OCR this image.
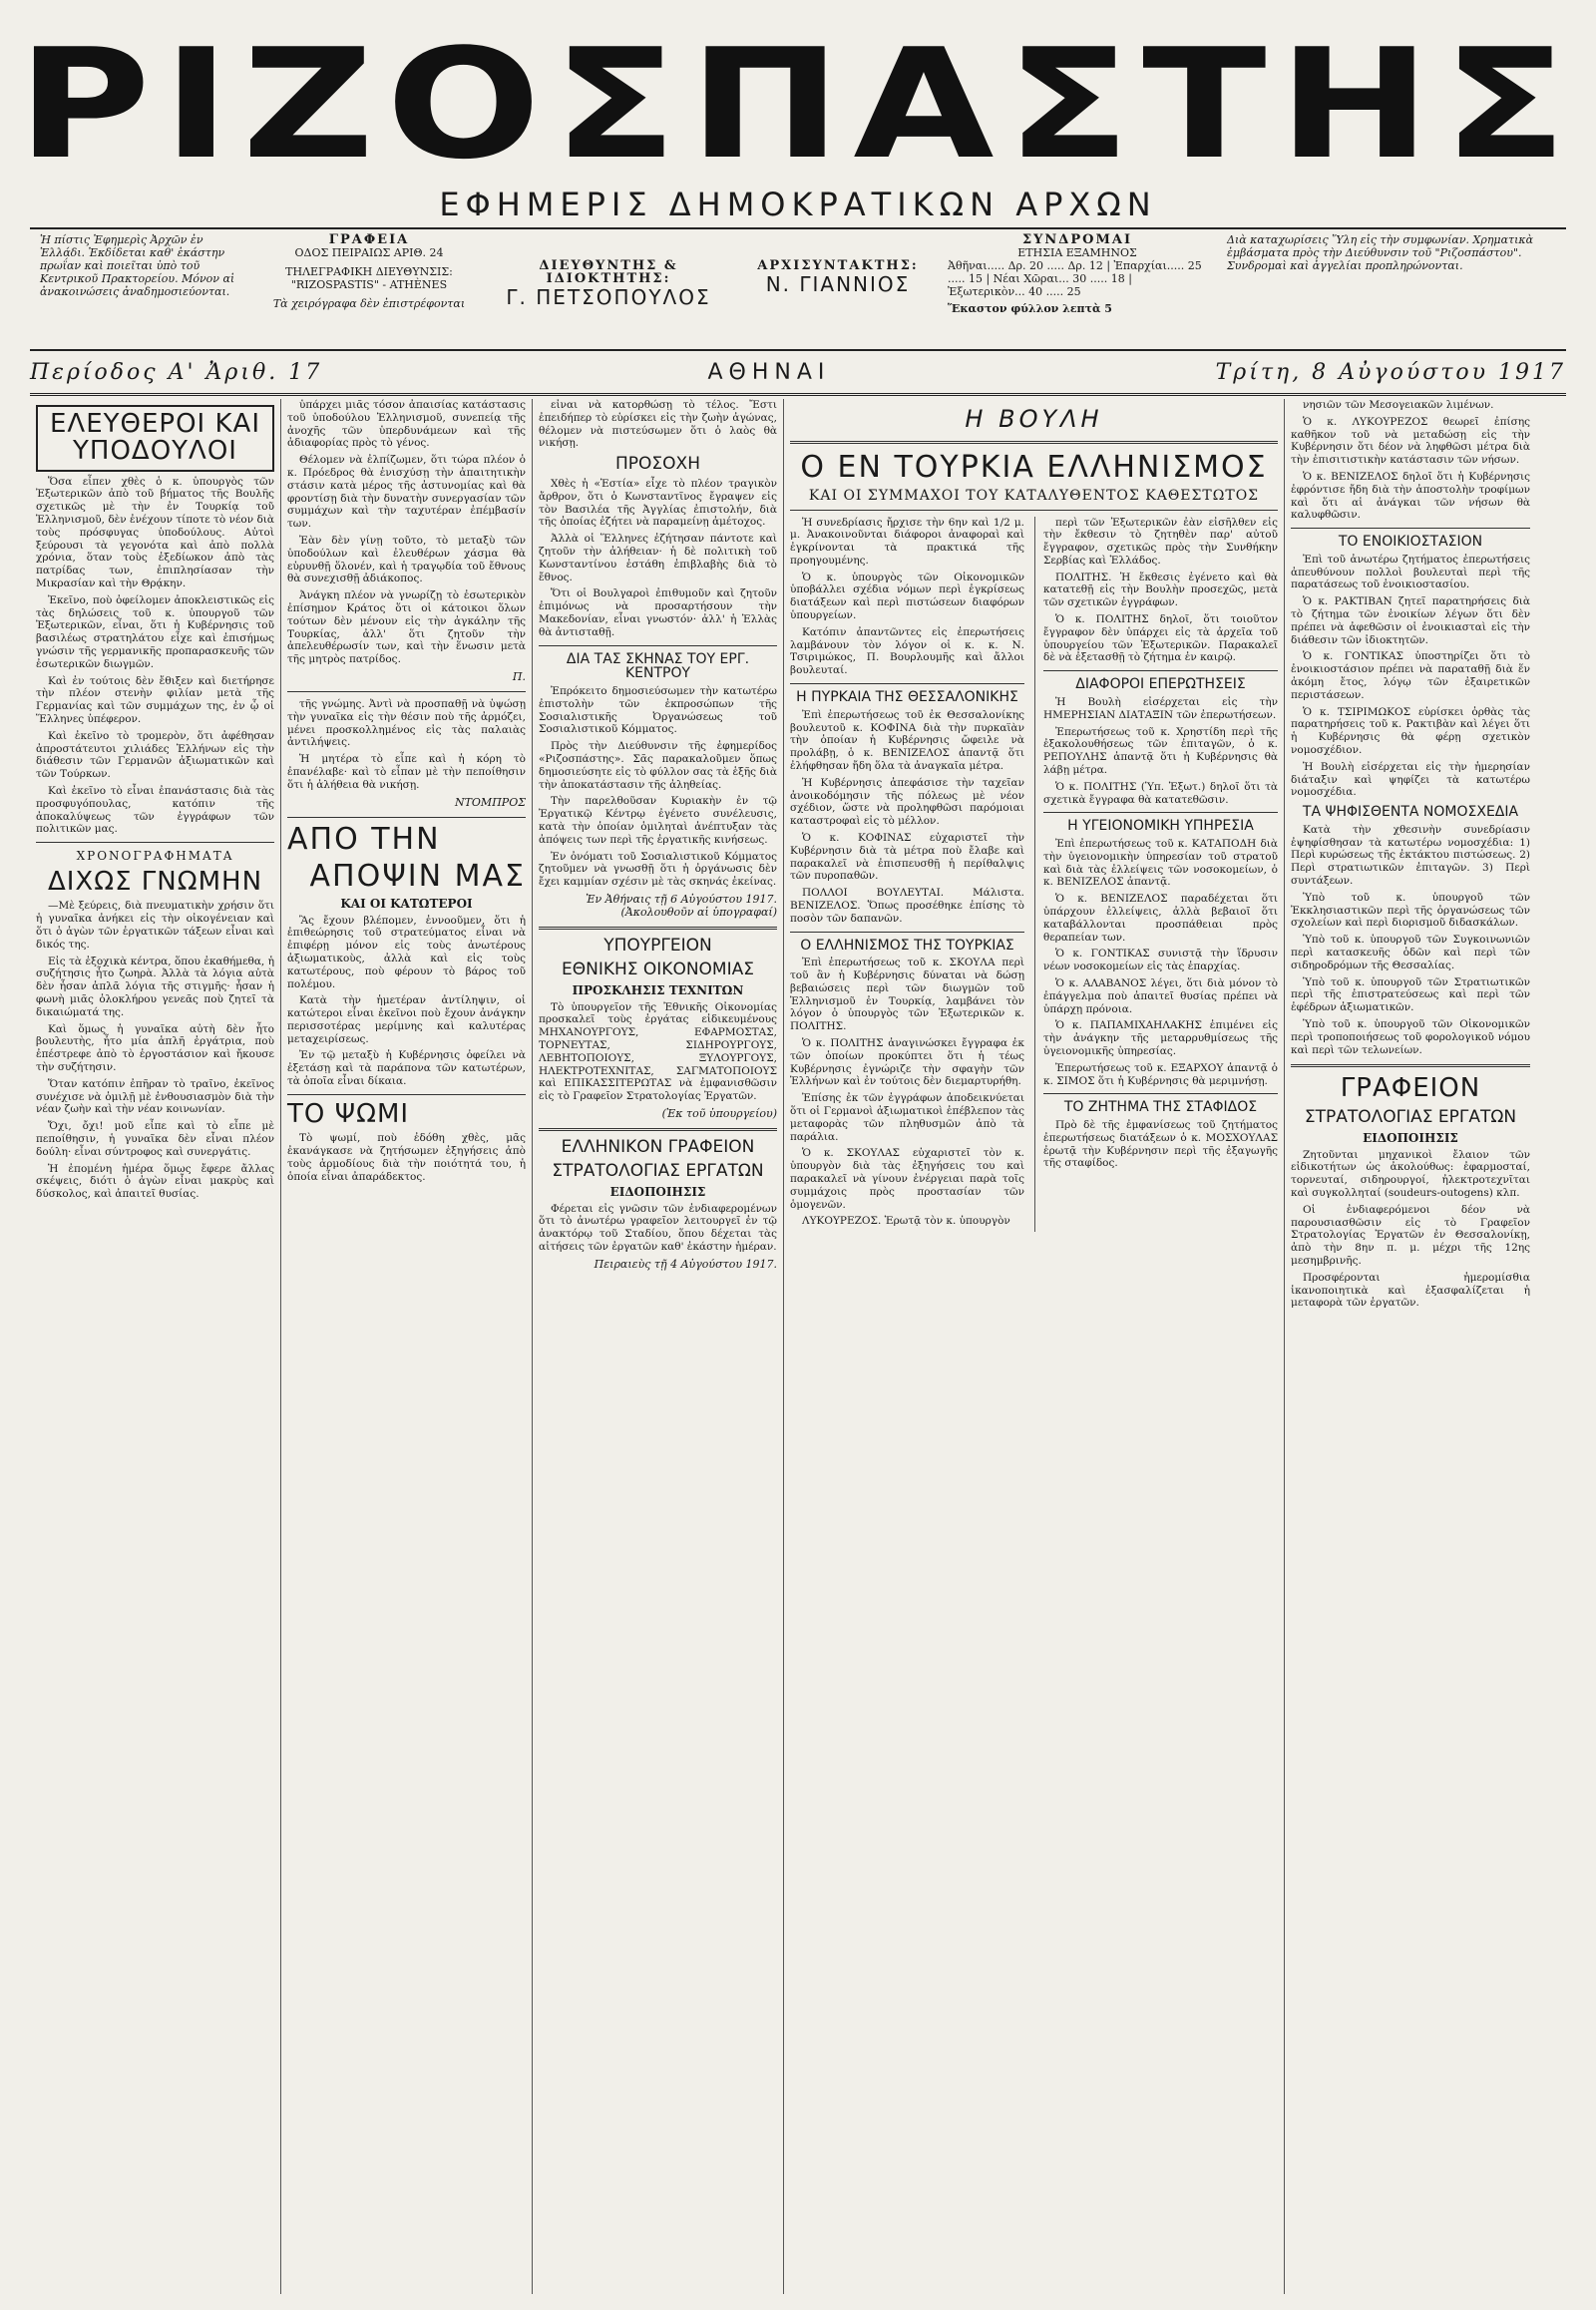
ΡΙΖΟΣΠΑΣΤΗΣ
ΕΦΗΜΕΡΙΣ ΔΗΜΟΚΡΑΤΙΚΩΝ ΑΡΧΩΝ
Ἡ πίστις Ἐφημερὶς Ἀρχῶν ἐν Ἑλλάδι. Ἐκδίδεται καθ' ἑκάστην πρωΐαν καὶ ποιεῖται ὑπὸ τοῦ Κεντρικοῦ Πρακτορείου. Μόνον αἱ ἀνακοινώσεις ἀναδημοσιεύονται.
ΓΡΑΦΕΙΑ
ΟΔΟΣ ΠΕΙΡΑΙΩΣ ΑΡΙΘ. 24
ΤΗΛΕΓΡΑΦΙΚΗ ΔΙΕΥΘΥΝΣΙΣ: "RIZOSPASTIS" - ATHÈNES
Τὰ χειρόγραφα δὲν ἐπιστρέφονται
ΔΙΕΥΘΥΝΤΗΣ & ΙΔΙΟΚΤΗΤΗΣ:
Γ. ΠΕΤΣΟΠΟΥΛΟΣ
ΑΡΧΙΣΥΝΤΑΚΤΗΣ:
Ν. ΓΙΑΝΝΙΟΣ
ΣΥΝΔΡΟΜΑΙ
ΕΤΗΣΙΑ ΕΞΑΜΗΝΟΣ
Ἀθῆναι..... Δρ. 20 ..... Δρ. 12 | Ἐπαρχίαι..... 25 ..... 15 | Νέαι Χῶραι... 30 ..... 18 | Ἐξωτερικὸν... 40 ..... 25
Ἕκαστον φύλλον λεπτὰ 5
Διὰ καταχωρίσεις Ὕλη εἰς τὴν συμφωνίαν. Χρηματικὰ ἐμβάσματα πρὸς τὴν Διεύθυνσιν τοῦ "Ριζοσπάστου". Συνδρομαὶ καὶ ἀγγελίαι προπληρώνονται.
Περίοδος Α' Ἀριθ. 17	ΑΘΗΝΑΙ	Τρίτη, 8 Αὐγούστου 1917
ΕΛΕΥΘΕΡΟΙ ΚΑΙ ΥΠΟΔΟΥΛΟΙ

Ὅσα εἶπεν χθὲς ὁ κ. ὑπουργὸς τῶν Ἐξωτερικῶν ἀπὸ τοῦ βήματος τῆς Βουλῆς σχετικῶς μὲ τὴν ἐν Τουρκίᾳ τοῦ Ἑλληνισμοῦ, δὲν ἐνέχουν τίποτε τὸ νέον διὰ τοὺς πρόσφυγας ὑποδούλους. Αὐτοὶ ξεύρουσι τὰ γεγονότα καὶ ἀπὸ πολλὰ χρόνια, ὅταν τοὺς ἐξεδίωκον ἀπὸ τὰς πατρίδας των, ἐπιπλησίασαν τὴν Μικρασίαν καὶ τὴν Θρᾴκην.

Ἐκεῖνο, ποὺ ὀφείλομεν ἀποκλειστικῶς εἰς τὰς δηλώσεις τοῦ κ. ὑπουργοῦ τῶν Ἐξωτερικῶν, εἶναι, ὅτι ἡ Κυβέρνησις τοῦ βασιλέως στρατηλάτου εἶχε καὶ ἐπισήμως γνώσιν τῆς γερμανικῆς προπαρασκευῆς τῶν ἐσωτερικῶν διωγμῶν.

Καὶ ἐν τούτοις δὲν ἔθιξεν καὶ διετήρησε τὴν πλέον στενὴν φιλίαν μετὰ τῆς Γερμανίας καὶ τῶν συμμάχων της, ἐν ᾧ οἱ Ἕλληνες ὑπέφερον.

Καὶ ἐκεῖνο τὸ τρομερὸν, ὅτι ἀφέθησαν ἀπροστάτευτοι χιλιάδες Ἑλλήνων εἰς τὴν διάθεσιν τῶν Γερμανῶν ἀξιωματικῶν καὶ τῶν Τούρκων.

Καὶ ἐκεῖνο τὸ εἶναι ἐπανάστασις διὰ τὰς προσφυγόπουλας, κατόπιν τῆς ἀποκαλύψεως τῶν ἐγγράφων τῶν πολιτικῶν μας.

ΧΡΟΝΟΓΡΑΦΗΜΑΤΑ
ΔΙΧΩΣ ΓΝΩΜΗΝ

—Μὲ ξεύρεις, διὰ πνευματικὴν χρήσιν ὅτι ἡ γυναῖκα ἀνήκει εἰς τὴν οἰκογένειαν καὶ ὅτι ὁ ἀγὼν τῶν ἐργατικῶν τάξεων εἶναι καὶ δικός της.

Εἰς τὰ ἐξοχικὰ κέντρα, ὅπου ἐκαθήμεθα, ἡ συζήτησις ἦτο ζωηρὰ. Ἀλλὰ τὰ λόγια αὐτὰ δὲν ἦσαν ἁπλᾶ λόγια τῆς στιγμῆς· ἦσαν ἡ φωνὴ μιᾶς ὁλοκλήρου γενεᾶς ποὺ ζητεῖ τὰ δικαιώματά της.

Καὶ ὅμως ἡ γυναῖκα αὐτὴ δὲν ἦτο βουλευτὴς, ἦτο μία ἁπλῆ ἐργάτρια, ποὺ ἐπέστρεφε ἀπὸ τὸ ἐργοστάσιον καὶ ἤκουσε τὴν συζήτησιν.

Ὅταν κατόπιν ἐπῆραν τὸ τραῖνο, ἐκεῖνος συνέχισε νὰ ὁμιλῇ μὲ ἐνθουσιασμὸν διὰ τὴν νέαν ζωὴν καὶ τὴν νέαν κοινωνίαν.

Ὄχι, ὄχι! μοῦ εἶπε καὶ τὸ εἶπε μὲ πεποίθησιν, ἡ γυναῖκα δὲν εἶναι πλέον δούλη· εἶναι σύντροφος καὶ συνεργάτις.

Ἡ ἐπομένη ἡμέρα ὅμως ἔφερε ἄλλας σκέψεις, διότι ὁ ἀγὼν εἶναι μακρὺς καὶ δύσκολος, καὶ ἀπαιτεῖ θυσίας.

ὑπάρχει μιᾶς τόσον ἀπαισίας κατάστασις τοῦ ὑποδούλου Ἑλληνισμοῦ, συνεπείᾳ τῆς ἀνοχῆς τῶν ὑπερδυνάμεων καὶ τῆς ἀδιαφορίας πρὸς τὸ γένος.

Θέλομεν νὰ ἐλπίζωμεν, ὅτι τώρα πλέον ὁ κ. Πρόεδρος θὰ ἐνισχύσῃ τὴν ἀπαιτητικὴν στάσιν κατὰ μέρος τῆς ἀστυνομίας καὶ θὰ φροντίσῃ διὰ τὴν δυνατὴν συνεργασίαν τῶν συμμάχων καὶ τὴν ταχυτέραν ἐπέμβασίν των.

Ἐὰν δὲν γίνῃ τοῦτο, τὸ μεταξὺ τῶν ὑποδούλων καὶ ἐλευθέρων χάσμα θὰ εὑρυνθῇ ὅλονέν, καὶ ἡ τραγῳδία τοῦ ἔθνους θὰ συνεχισθῇ ἀδιάκοπος.

Ἀνάγκη πλέον νὰ γνωρίζῃ τὸ ἐσωτερικὸν ἐπίσημον Κράτος ὅτι οἱ κάτοικοι ὅλων τούτων δὲν μένουν εἰς τὴν ἀγκάλην τῆς Τουρκίας, ἀλλ' ὅτι ζητοῦν τὴν ἀπελευθέρωσίν των, καὶ τὴν ἕνωσιν μετὰ τῆς μητρὸς πατρίδος.

Π.

τῆς γνώμης. Ἀντὶ νὰ προσπαθῇ νὰ ὑψώσῃ τὴν γυναῖκα εἰς τὴν θέσιν ποὺ τῆς ἀρμόζει, μένει προσκολλημένος εἰς τὰς παλαιὰς ἀντιλήψεις.

Ἡ μητέρα τὸ εἶπε καὶ ἡ κόρη τὸ ἐπανέλαβε· καὶ τὸ εἶπαν μὲ τὴν πεποίθησιν ὅτι ἡ ἀλήθεια θὰ νικήσῃ.

ΝΤΟΜΠΡΟΣ
ΑΠΟ ΤΗΝ
ΑΠΟΨΙΝ ΜΑΣ
ΚΑΙ ΟΙ ΚΑΤΩΤΕΡΟΙ

Ἂς ἔχουν βλέπομεν, ἐννοοῦμεν, ὅτι ἡ ἐπιθεώρησις τοῦ στρατεύματος εἶναι νὰ ἐπιφέρῃ μόνον εἰς τοὺς ἀνωτέρους ἀξιωματικοὺς, ἀλλὰ καὶ εἰς τοὺς κατωτέρους, ποὺ φέρουν τὸ βάρος τοῦ πολέμου.

Κατὰ τὴν ἡμετέραν ἀντίληψιν, οἱ κατώτεροι εἶναι ἐκεῖνοι ποὺ ἔχουν ἀνάγκην περισσοτέρας μερίμνης καὶ καλυτέρας μεταχειρίσεως.

Ἐν τῷ μεταξὺ ἡ Κυβέρνησις ὀφείλει νὰ ἐξετάσῃ καὶ τὰ παράπονα τῶν κατωτέρων, τὰ ὁποῖα εἶναι δίκαια.

ΤΟ ΨΩΜΙ

Τὸ ψωμί, ποὺ ἐδόθη χθὲς, μᾶς ἐκανάγκασε νὰ ζητήσωμεν ἐξηγήσεις ἀπὸ τοὺς ἁρμοδίους διὰ τὴν ποιότητά του, ἡ ὁποία εἶναι ἀπαράδεκτος.

εἶναι νὰ κατορθώσῃ τὸ τέλος. Ἔστι ἐπειδήπερ τὸ εὑρίσκει εἰς τὴν ζωὴν ἀγώνας, θέλομεν νὰ πιστεύσωμεν ὅτι ὁ λαὸς θὰ νικήσῃ.

ΠΡΟΣΟΧΗ

Χθὲς ἡ «Ἑστία» εἶχε τὸ πλέον τραγικὸν ἄρθρον, ὅτι ὁ Κωνσταντῖνος ἔγραψεν εἰς τὸν Βασιλέα τῆς Ἀγγλίας ἐπιστολήν, διὰ τῆς ὁποίας ἐζήτει νὰ παραμείνῃ ἀμέτοχος.

Ἀλλὰ οἱ Ἕλληνες ἐζήτησαν πάντοτε καὶ ζητοῦν τὴν ἀλήθειαν· ἡ δὲ πολιτικὴ τοῦ Κωνσταντίνου ἐστάθη ἐπιβλαβὴς διὰ τὸ ἔθνος.

Ὅτι οἱ Βουλγαροὶ ἐπιθυμοῦν καὶ ζητοῦν ἐπιμόνως νὰ προσαρτήσουν τὴν Μακεδονίαν, εἶναι γνωστόν· ἀλλ' ἡ Ἑλλὰς θὰ ἀντισταθῇ.

ΔΙΑ ΤΑΣ ΣΚΗΝΑΣ ΤΟΥ ΕΡΓ. ΚΕΝΤΡΟΥ

Ἐπρόκειτο δημοσιεύσωμεν τὴν κατωτέρω ἐπιστολὴν τῶν ἐκπροσώπων τῆς Σοσιαλιστικῆς Ὀργανώσεως τοῦ Σοσιαλιστικοῦ Κόμματος.

Πρὸς τὴν Διεύθυνσιν τῆς ἐφημερίδος «Ριζοσπάστης». Σᾶς παρακαλοῦμεν ὅπως δημοσιεύσητε εἰς τὸ φύλλον σας τὰ ἑξῆς διὰ τὴν ἀποκατάστασιν τῆς ἀληθείας.

Τὴν παρελθοῦσαν Κυριακὴν ἐν τῷ Ἐργατικῷ Κέντρῳ ἐγένετο συνέλευσις, κατὰ τὴν ὁποίαν ὁμιληταὶ ἀνέπτυξαν τὰς ἀπόψεις των περὶ τῆς ἐργατικῆς κινήσεως.

Ἐν ὀνόματι τοῦ Σοσιαλιστικοῦ Κόμματος ζητοῦμεν νὰ γνωσθῇ ὅτι ἡ ὀργάνωσις δὲν ἔχει καμμίαν σχέσιν μὲ τὰς σκηνάς ἐκείνας.

Ἐν Ἀθήναις τῇ 6 Αὐγούστου 1917. (Ἀκολουθοῦν αἱ ὑπογραφαί)
ΥΠΟΥΡΓΕΙΟΝ
ΕΘΝΙΚΗΣ ΟΙΚΟΝΟΜΙΑΣ
ΠΡΟΣΚΛΗΣΙΣ ΤΕΧΝΙΤΩΝ

Τὸ ὑπουργεῖον τῆς Ἐθνικῆς Οἰκονομίας προσκαλεῖ τοὺς ἐργάτας εἰδικευμένους ΜΗΧΑΝΟΥΡΓΟΥΣ, ΕΦΑΡΜΟΣΤΑΣ, ΤΟΡΝΕΥΤΑΣ, ΣΙΔΗΡΟΥΡΓΟΥΣ, ΛΕΒΗΤΟΠΟΙΟΥΣ, ΞΥΛΟΥΡΓΟΥΣ, ΗΛΕΚΤΡΟΤΕΧΝΙΤΑΣ, ΣΑΓΜΑΤΟΠΟΙΟΥΣ καὶ ΕΠΙΚΑΣΣΙΤΕΡΩΤΑΣ νὰ ἐμφανισθῶσιν εἰς τὸ Γραφεῖον Στρατολογίας Ἐργατῶν.

(Ἐκ τοῦ ὑπουργείου)
ΕΛΛΗΝΙΚΟΝ ΓΡΑΦΕΙΟΝ
ΣΤΡΑΤΟΛΟΓΙΑΣ ΕΡΓΑΤΩΝ
ΕΙΔΟΠΟΙΗΣΙΣ

Φέρεται εἰς γνῶσιν τῶν ἐνδιαφερομένων ὅτι τὸ ἀνωτέρω γραφεῖον λειτουργεῖ ἐν τῷ ἀνακτόρῳ τοῦ Σταδίου, ὅπου δέχεται τὰς αἰτήσεις τῶν ἐργατῶν καθ' ἑκάστην ἡμέραν.

Πειραιεὺς τῇ 4 Αὐγούστου 1917.
Η ΒΟΥΛΗ
Ο ΕΝ ΤΟΥΡΚΙΑ ΕΛΛΗΝΙΣΜΟΣ
ΚΑΙ ΟΙ ΣΥΜΜΑΧΟΙ ΤΟΥ ΚΑΤΑΛΥΘΕΝΤΟΣ ΚΑΘΕΣΤΩΤΟΣ

Ἡ συνεδρίασις ἤρχισε τὴν 6ην καὶ 1/2 μ. μ. Ἀνακοινοῦνται διάφοροι ἀναφοραὶ καὶ ἐγκρίνονται τὰ πρακτικά τῆς προηγουμένης.

Ὁ κ. ὑπουργὸς τῶν Οἰκονομικῶν ὑποβάλλει σχέδια νόμων περὶ ἐγκρίσεως διατάξεων καὶ περὶ πιστώσεων διαφόρων ὑπουργείων.

Κατόπιν ἀπαντῶντες εἰς ἐπερωτήσεις λαμβάνουν τὸν λόγον οἱ κ. κ. Ν. Τσιριμώκος, Π. Βουρλουμῆς καὶ ἄλλοι βουλευταί.

Η ΠΥΡΚΑΙΑ ΤΗΣ ΘΕΣΣΑΛΟΝΙΚΗΣ

Ἐπὶ ἐπερωτήσεως τοῦ ἐκ Θεσσαλονίκης βουλευτοῦ κ. ΚΟΦΙΝΑ διὰ τὴν πυρκαϊὰν τὴν ὁποίαν ἡ Κυβέρνησις ὤφειλε νὰ προλάβῃ, ὁ κ. ΒΕΝΙΖΕΛΟΣ ἀπαντᾷ ὅτι ἐλήφθησαν ἤδη ὅλα τὰ ἀναγκαῖα μέτρα.

Ἡ Κυβέρνησις ἀπεφάσισε τὴν ταχεῖαν ἀνοικοδόμησιν τῆς πόλεως μὲ νέον σχέδιον, ὥστε νὰ προληφθῶσι παρόμοιαι καταστροφαὶ εἰς τὸ μέλλον.

Ὁ κ. ΚΟΦΙΝΑΣ εὐχαριστεῖ τὴν Κυβέρνησιν διὰ τὰ μέτρα ποὺ ἔλαβε καὶ παρακαλεῖ νὰ ἐπισπευσθῇ ἡ περίθαλψις τῶν πυροπαθῶν.

ΠΟΛΛΟΙ ΒΟΥΛΕΥΤΑΙ. Μάλιστα. ΒΕΝΙΖΕΛΟΣ. Ὅπως προσέθηκε ἐπίσης τὸ ποσὸν τῶν δαπανῶν.

Ο ΕΛΛΗΝΙΣΜΟΣ ΤΗΣ ΤΟΥΡΚΙΑΣ

Ἐπὶ ἐπερωτήσεως τοῦ κ. ΣΚΟΥΛΑ περὶ τοῦ ἂν ἡ Κυβέρνησις δύναται νὰ δώσῃ βεβαιώσεις περὶ τῶν διωγμῶν τοῦ Ἑλληνισμοῦ ἐν Τουρκίᾳ, λαμβάνει τὸν λόγον ὁ ὑπουργὸς τῶν Ἐξωτερικῶν κ. ΠΟΛΙΤΗΣ.

Ὁ κ. ΠΟΛΙΤΗΣ ἀναγινώσκει ἔγγραφα ἐκ τῶν ὁποίων προκύπτει ὅτι ἡ τέως Κυβέρνησις ἐγνώριζε τὴν σφαγὴν τῶν Ἑλλήνων καὶ ἐν τούτοις δὲν διεμαρτυρήθη.

Ἐπίσης ἐκ τῶν ἐγγράφων ἀποδεικνύεται ὅτι οἱ Γερμανοὶ ἀξιωματικοὶ ἐπέβλεπον τὰς μεταφορὰς τῶν πληθυσμῶν ἀπὸ τὰ παράλια.

Ὁ κ. ΣΚΟΥΛΑΣ εὐχαριστεῖ τὸν κ. ὑπουργὸν διὰ τὰς ἐξηγήσεις του καὶ παρακαλεῖ νὰ γίνουν ἐνέργειαι παρὰ τοῖς συμμάχοις πρὸς προστασίαν τῶν ὁμογενῶν.

ΛΥΚΟΥΡΕΖΟΣ. Ἐρωτᾷ τὸν κ. ὑπουργὸν

περὶ τῶν Ἐξωτερικῶν ἐὰν εἰσῆλθεν εἰς τὴν ἔκθεσιν τὸ ζητηθὲν παρ' αὐτοῦ ἔγγραφον, σχετικῶς πρὸς τὴν Συνθήκην Σερβίας καὶ Ἑλλάδος.

ΠΟΛΙΤΗΣ. Ἡ ἔκθεσις ἐγένετο καὶ θὰ κατατεθῇ εἰς τὴν Βουλὴν προσεχῶς, μετὰ τῶν σχετικῶν ἐγγράφων.

Ὁ κ. ΠΟΛΙΤΗΣ δηλοῖ, ὅτι τοιοῦτον ἔγγραφον δὲν ὑπάρχει εἰς τὰ ἀρχεῖα τοῦ ὑπουργείου τῶν Ἐξωτερικῶν. Παρακαλεῖ δὲ νὰ ἐξετασθῇ τὸ ζήτημα ἐν καιρῷ.

ΔΙΑΦΟΡΟΙ ΕΠΕΡΩΤΗΣΕΙΣ

Ἡ Βουλὴ εἰσέρχεται εἰς τὴν ΗΜΕΡΗΣΙΑΝ ΔΙΑΤΑΞΙΝ τῶν ἐπερωτήσεων.

Ἐπερωτήσεως τοῦ κ. Χρηστίδη περὶ τῆς ἐξακολουθήσεως τῶν ἐπιταγῶν, ὁ κ. ΡΕΠΟΥΛΗΣ ἀπαντᾷ ὅτι ἡ Κυβέρνησις θὰ λάβῃ μέτρα.

Ὁ κ. ΠΟΛΙΤΗΣ (Ὑπ. Ἐξωτ.) δηλοῖ ὅτι τὰ σχετικὰ ἔγγραφα θὰ κατατεθῶσιν.

Η ΥΓΕΙΟΝΟΜΙΚΗ ΥΠΗΡΕΣΙΑ

Ἐπὶ ἐπερωτήσεως τοῦ κ. ΚΑΤΑΠΟΔΗ διὰ τὴν ὑγειονομικὴν ὑπηρεσίαν τοῦ στρατοῦ καὶ διὰ τὰς ἐλλείψεις τῶν νοσοκομείων, ὁ κ. ΒΕΝΙΖΕΛΟΣ ἀπαντᾷ.

Ὁ κ. ΒΕΝΙΖΕΛΟΣ παραδέχεται ὅτι ὑπάρχουν ἐλλείψεις, ἀλλὰ βεβαιοῖ ὅτι καταβάλλονται προσπάθειαι πρὸς θεραπείαν των.

Ὁ κ. ΓΟΝΤΙΚΑΣ συνιστᾷ τὴν ἵδρυσιν νέων νοσοκομείων εἰς τὰς ἐπαρχίας.

Ὁ κ. ΑΛΑΒΑΝΟΣ λέγει, ὅτι διὰ μόνον τὸ ἐπάγγελμα ποὺ ἀπαιτεῖ θυσίας πρέπει νὰ ὑπάρχῃ πρόνοια.

Ὁ κ. ΠΑΠΑΜΙΧΑΗΛΑΚΗΣ ἐπιμένει εἰς τὴν ἀνάγκην τῆς μεταρρυθμίσεως τῆς ὑγειονομικῆς ὑπηρεσίας.

Ἐπερωτήσεως τοῦ κ. ΕΞΑΡΧΟΥ ἀπαντᾷ ὁ κ. ΣΙΜΟΣ ὅτι ἡ Κυβέρνησις θὰ μεριμνήσῃ.

ΤΟ ΖΗΤΗΜΑ ΤΗΣ ΣΤΑΦΙΔΟΣ

Πρὸ δὲ τῆς ἐμφανίσεως τοῦ ζητήματος ἐπερωτήσεως διατάξεων ὁ κ. ΜΟΣΧΟΥΛΑΣ ἐρωτᾷ τὴν Κυβέρνησιν περὶ τῆς ἐξαγωγῆς τῆς σταφίδος.

νησιῶν τῶν Μεσογειακῶν λιμένων.

Ὁ κ. ΛΥΚΟΥΡΕΖΟΣ θεωρεῖ ἐπίσης καθῆκον τοῦ νὰ μεταδώσῃ εἰς τὴν Κυβέρνησιν ὅτι δέον νὰ ληφθῶσι μέτρα διὰ τὴν ἐπισιτιστικὴν κατάστασιν τῶν νήσων.

Ὁ κ. ΒΕΝΙΖΕΛΟΣ δηλοῖ ὅτι ἡ Κυβέρνησις ἐφρόντισε ἤδη διὰ τὴν ἀποστολὴν τροφίμων καὶ ὅτι αἱ ἀνάγκαι τῶν νήσων θὰ καλυφθῶσιν.

ΤΟ ΕΝΟΙΚΙΟΣΤΑΣΙΟΝ

Ἐπὶ τοῦ ἀνωτέρω ζητήματος ἐπερωτήσεις ἀπευθύνουν πολλοὶ βουλευταὶ περὶ τῆς παρατάσεως τοῦ ἐνοικιοστασίου.

Ὁ κ. ΡΑΚΤΙΒΑΝ ζητεῖ παρατηρήσεις διὰ τὸ ζήτημα τῶν ἐνοικίων λέγων ὅτι δὲν πρέπει νὰ ἀφεθῶσιν οἱ ἐνοικιασταὶ εἰς τὴν διάθεσιν τῶν ἰδιοκτητῶν.

Ὁ κ. ΓΟΝΤΙΚΑΣ ὑποστηρίζει ὅτι τὸ ἐνοικιοστάσιον πρέπει νὰ παραταθῇ διὰ ἕν ἀκόμη ἔτος, λόγῳ τῶν ἐξαιρετικῶν περιστάσεων.

Ὁ κ. ΤΣΙΡΙΜΩΚΟΣ εὑρίσκει ὀρθὰς τὰς παρατηρήσεις τοῦ κ. Ρακτιβὰν καὶ λέγει ὅτι ἡ Κυβέρνησις θὰ φέρῃ σχετικὸν νομοσχέδιον.

Ἡ Βουλὴ εἰσέρχεται εἰς τὴν ἡμερησίαν διάταξιν καὶ ψηφίζει τὰ κατωτέρω νομοσχέδια.

ΤΑ ΨΗΦΙΣΘΕΝΤΑ ΝΟΜΟΣΧΕΔΙΑ

Κατὰ τὴν χθεσινὴν συνεδρίασιν ἐψηφίσθησαν τὰ κατωτέρω νομοσχέδια: 1) Περὶ κυρώσεως τῆς ἐκτάκτου πιστώσεως. 2) Περὶ στρατιωτικῶν ἐπιταγῶν. 3) Περὶ συντάξεων.

Ὑπὸ τοῦ κ. ὑπουργοῦ τῶν Ἐκκλησιαστικῶν περὶ τῆς ὀργανώσεως τῶν σχολείων καὶ περὶ διορισμοῦ διδασκάλων.

Ὑπὸ τοῦ κ. ὑπουργοῦ τῶν Συγκοινωνιῶν περὶ κατασκευῆς ὁδῶν καὶ περὶ τῶν σιδηροδρόμων τῆς Θεσσαλίας.

Ὑπὸ τοῦ κ. ὑπουργοῦ τῶν Στρατιωτικῶν περὶ τῆς ἐπιστρατεύσεως καὶ περὶ τῶν ἐφέδρων ἀξιωματικῶν.

Ὑπὸ τοῦ κ. ὑπουργοῦ τῶν Οἰκονομικῶν περὶ τροποποιήσεως τοῦ φορολογικοῦ νόμου καὶ περὶ τῶν τελωνείων.

ΓΡΑΦΕΙΟΝ
ΣΤΡΑΤΟΛΟΓΙΑΣ ΕΡΓΑΤΩΝ
ΕΙΔΟΠΟΙΗΣΙΣ

Ζητοῦνται μηχανικοὶ ἔλαιον τῶν εἰδικοτήτων ὡς ἀκολούθως: ἐφαρμοσταί, τορνευταί, σιδηρουργοί, ἠλεκτροτεχνῖται καὶ συγκολληταί (soudeurs-outogens) κλπ.

Οἱ ἐνδιαφερόμενοι δέον νὰ παρουσιασθῶσιν εἰς τὸ Γραφεῖον Στρατολογίας Ἐργατῶν ἐν Θεσσαλονίκῃ, ἀπὸ τὴν 8ην π. μ. μέχρι τῆς 12ης μεσημβρινῆς.

Προσφέρονται ἡμερομίσθια ἱκανοποιητικὰ καὶ ἐξασφαλίζεται ἡ μεταφορὰ τῶν ἐργατῶν.
